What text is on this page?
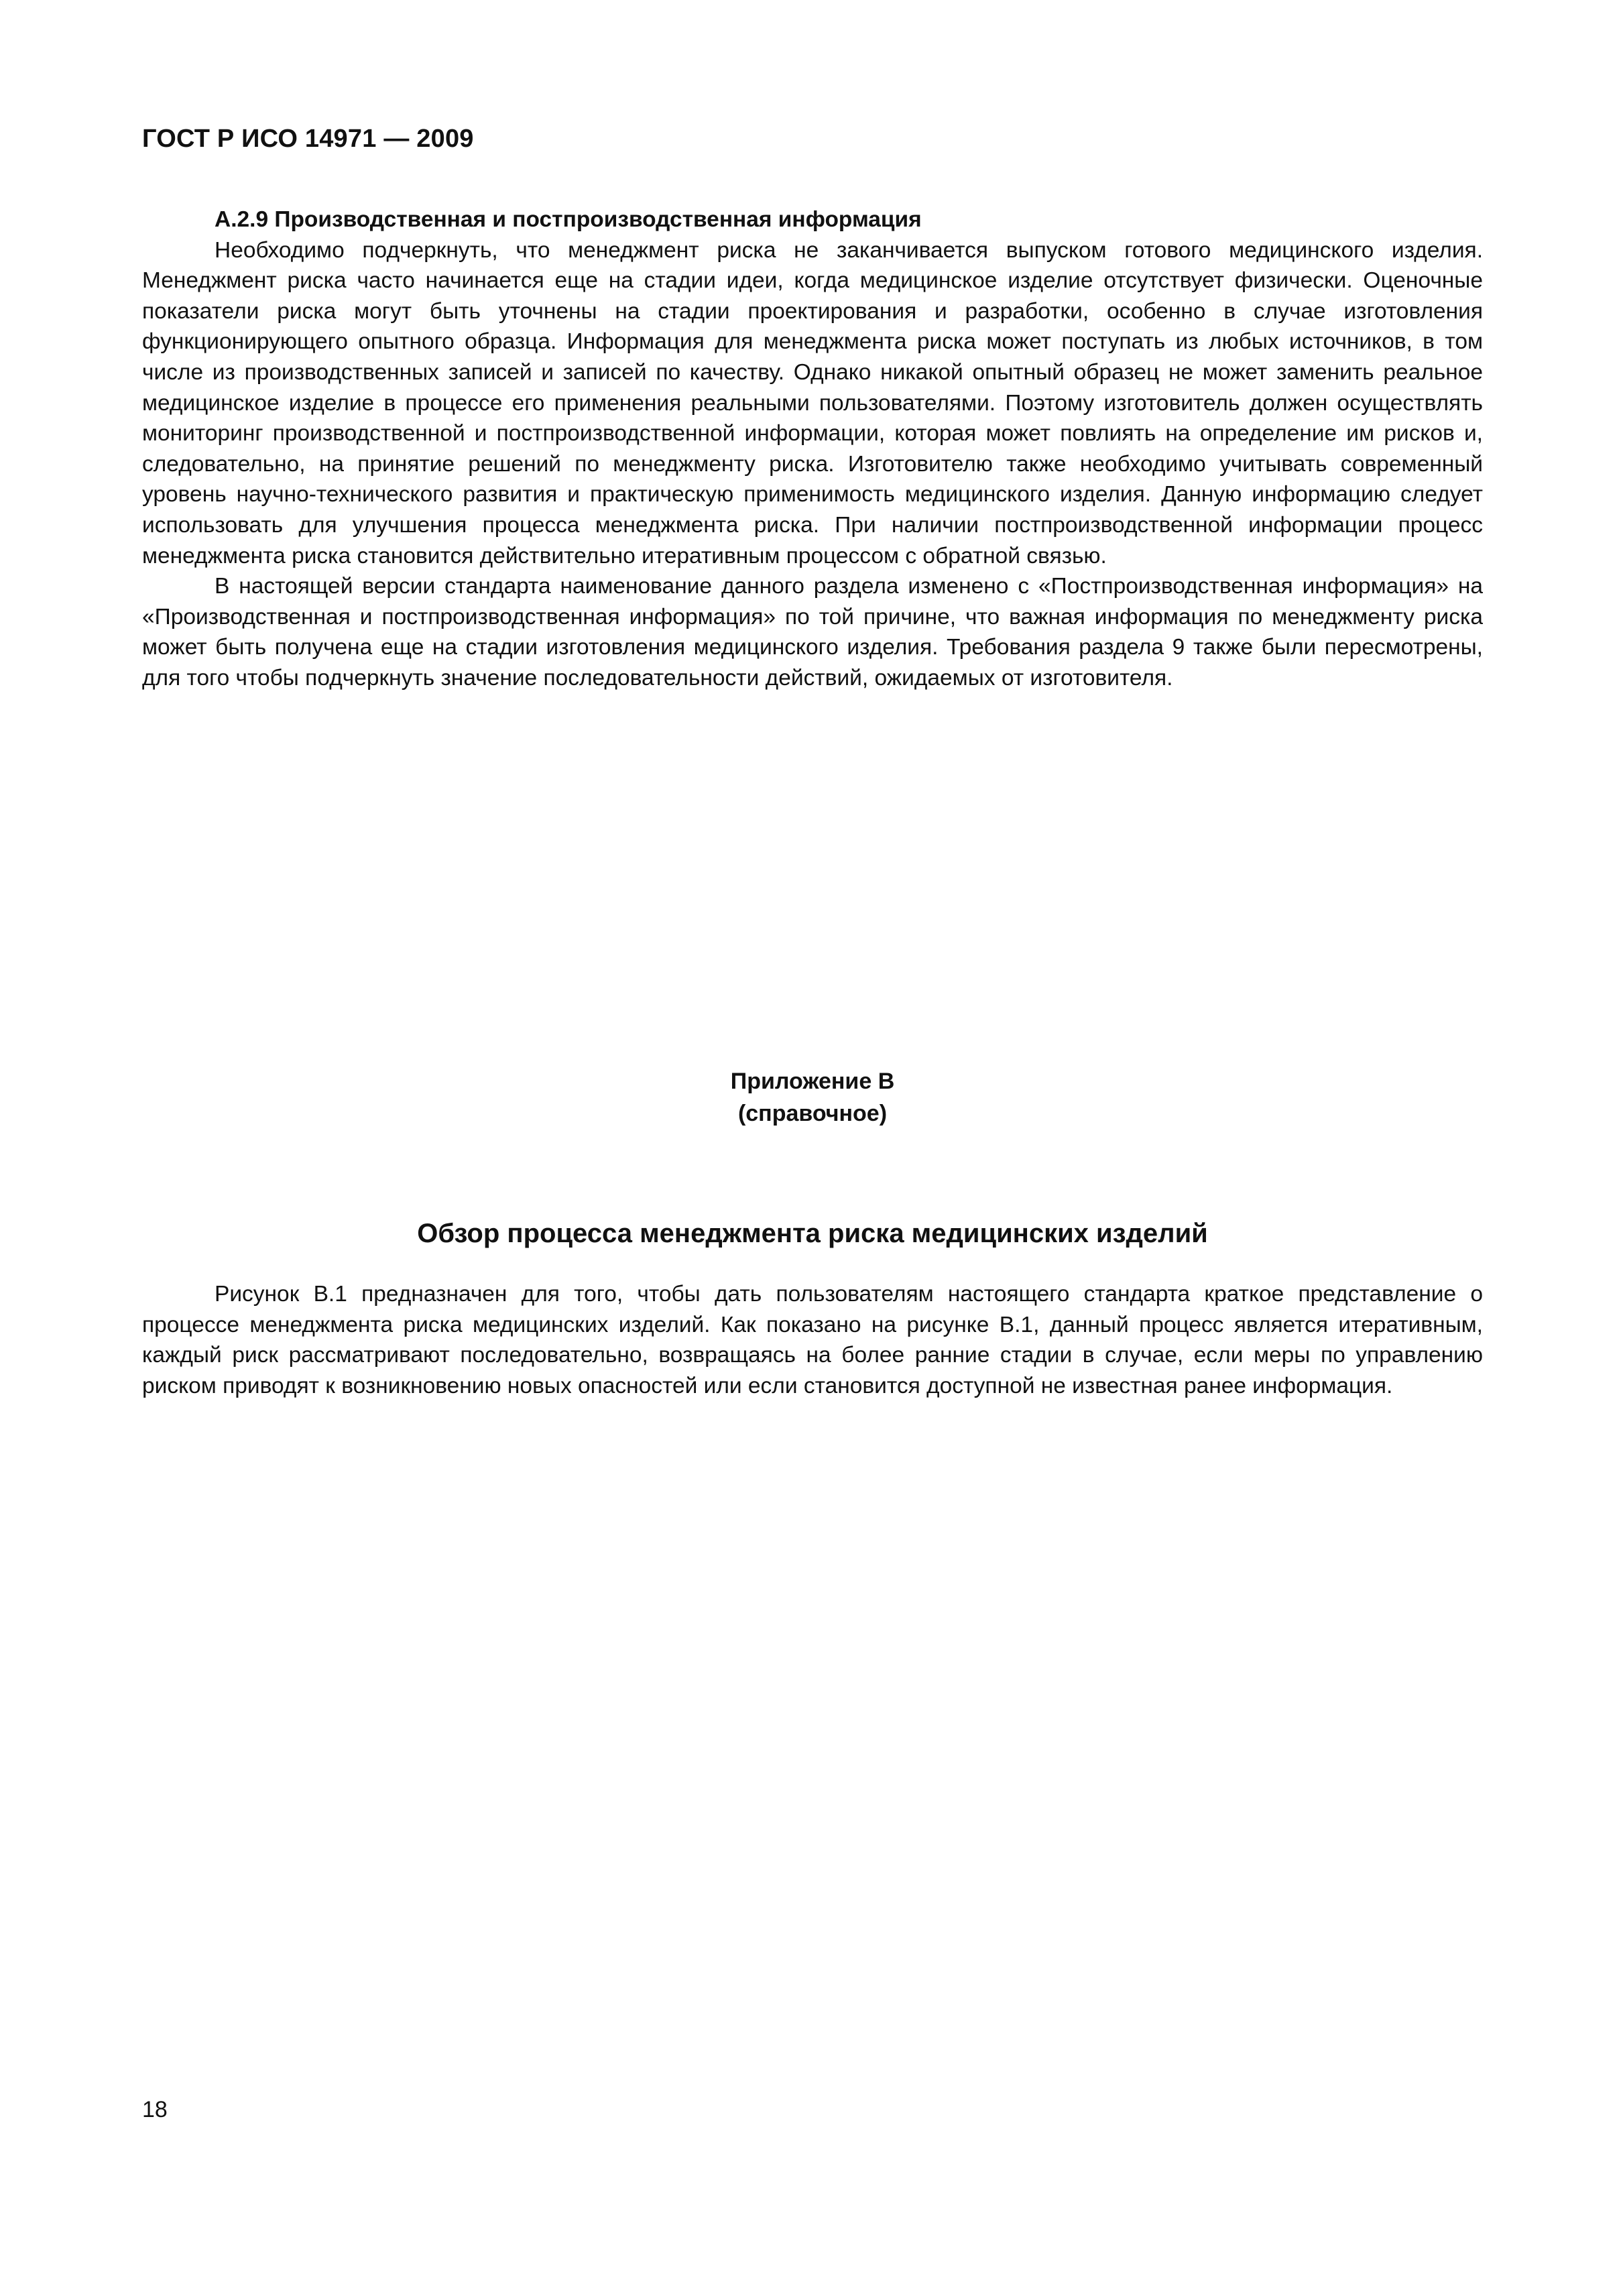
ГОСТ Р ИСО 14971 — 2009

А.2.9 Производственная и постпроизводственная информация

Необходимо подчеркнуть, что менеджмент риска не заканчивается выпуском готового медицинского изделия. Менеджмент риска часто начинается еще на стадии идеи, когда медицинское изделие отсутствует физически. Оценочные показатели риска могут быть уточнены на стадии проектирования и разработки, особенно в случае изготовления функционирующего опытного образца. Информация для менеджмента риска может поступать из любых источников, в том числе из производственных записей и записей по качеству. Однако никакой опытный образец не может заменить реальное медицинское изделие в процессе его применения реальными пользователями. Поэтому изготовитель должен осуществлять мониторинг производственной и постпроизводственной информации, которая может повлиять на определение им рисков и, следовательно, на принятие решений по менеджменту риска. Изготовителю также необходимо учитывать современный уровень научно-технического развития и практическую применимость медицинского изделия. Данную информацию следует использовать для улучшения процесса менеджмента риска. При наличии постпроизводственной информации процесс менеджмента риска становится действительно итеративным процессом с обратной связью.

В настоящей версии стандарта наименование данного раздела изменено с «Постпроизводственная информация» на «Производственная и постпроизводственная информация» по той причине, что важная информация по менеджменту риска может быть получена еще на стадии изготовления медицинского изделия. Требования раздела 9 также были пересмотрены, для того чтобы подчеркнуть значение последовательности действий, ожидаемых от изготовителя.

Приложение В
(справочное)
Обзор процесса менеджмента риска медицинских изделий

Рисунок В.1 предназначен для того, чтобы дать пользователям настоящего стандарта краткое представление о процессе менеджмента риска медицинских изделий. Как показано на рисунке В.1, данный процесс является итеративным, каждый риск рассматривают последовательно, возвращаясь на более ранние стадии в случае, если меры по управлению риском приводят к возникновению новых опасностей или если становится доступной не известная ранее информация.

18
